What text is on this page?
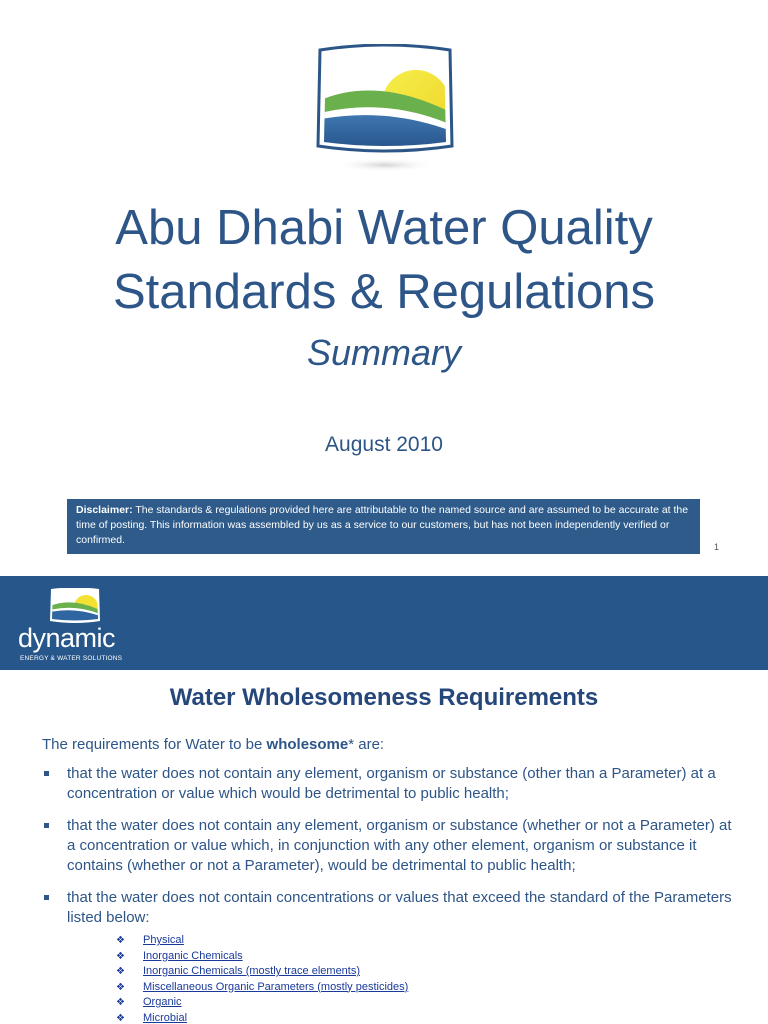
Abu Dhabi Water Quality
Standards & Regulations
Summary
August 2010
Disclaimer: The standards & regulations provided here are attributable to the named source and are assumed to be accurate at the time of posting. This information was assembled by us as a service to our customers, but has not been independently verified or confirmed.
1
dynamic
ENERGY & WATER SOLUTIONS
Water Wholesomeness Requirements

The requirements for Water to be wholesome* are:

that the water does not contain any element, organism or substance (other than a Parameter) at a concentration or value which would be detrimental to public health;
that the water does not contain any element, organism or substance (whether or not a Parameter) at a concentration or value which, in conjunction with any other element, organism or substance it contains (whether or not a Parameter), would be detrimental to public health;
that the water does not contain concentrations or values that exceed the standard of the Parameters listed below:
❖ Physical
❖ Inorganic Chemicals
❖ Inorganic Chemicals (mostly trace elements)
❖ Miscellaneous Organic Parameters (mostly pesticides)
❖ Organic
❖ Microbial
